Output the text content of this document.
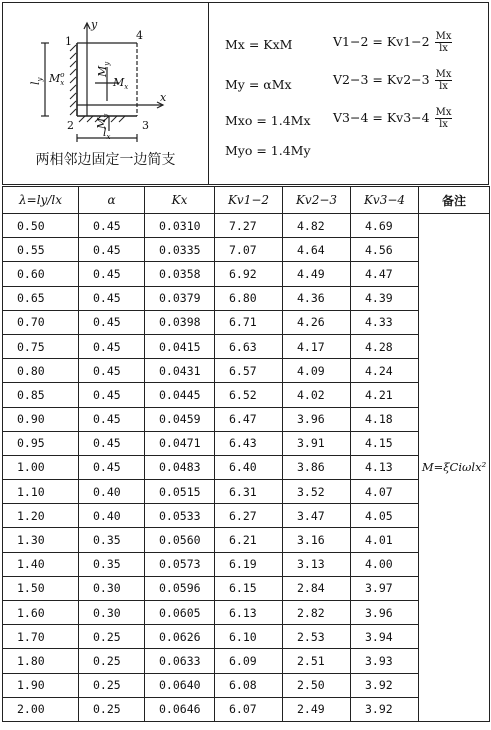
y
x
1
2	3
4
$M_xo$
$M_x$
$M_y$
$M_y$
$l_y$
$l_x$
两相邻边固定一边简支
Mx = KxM
My = αMx
Mxo = 1.4Mx
Myo = 1.4My
$V1-2 = Kv1-2 \frac{Mx}{lx}$
$V2-3 = Kv2-3 \frac{Mx}{lx}$
$V3-4 = Kv3-4 \frac{Mx}{lx}$
λ=ly/lx	α	Kx	Kv1−2	Kv2−3	Kv3−4	备注
0.50	0.45	0.0310	7.27	4.82	4.69	M=ξCiωlx²
0.55	0.45	0.0335	7.07	4.64	4.56	
0.60	0.45	0.0358	6.92	4.49	4.47	
0.65	0.45	0.0379	6.80	4.36	4.39	
0.70	0.45	0.0398	6.71	4.26	4.33	
0.75	0.45	0.0415	6.63	4.17	4.28	
0.80	0.45	0.0431	6.57	4.09	4.24	
0.85	0.45	0.0445	6.52	4.02	4.21	
0.90	0.45	0.0459	6.47	3.96	4.18	
0.95	0.45	0.0471	6.43	3.91	4.15	
1.00	0.45	0.0483	6.40	3.86	4.13	
1.10	0.40	0.0515	6.31	3.52	4.07	
1.20	0.40	0.0533	6.27	3.47	4.05	
1.30	0.35	0.0560	6.21	3.16	4.01	
1.40	0.35	0.0573	6.19	3.13	4.00	
1.50	0.30	0.0596	6.15	2.84	3.97	
1.60	0.30	0.0605	6.13	2.82	3.96	
1.70	0.25	0.0626	6.10	2.53	3.94	
1.80	0.25	0.0633	6.09	2.51	3.93	
1.90	0.25	0.0640	6.08	2.50	3.92	
2.00	0.25	0.0646	6.07	2.49	3.92	
